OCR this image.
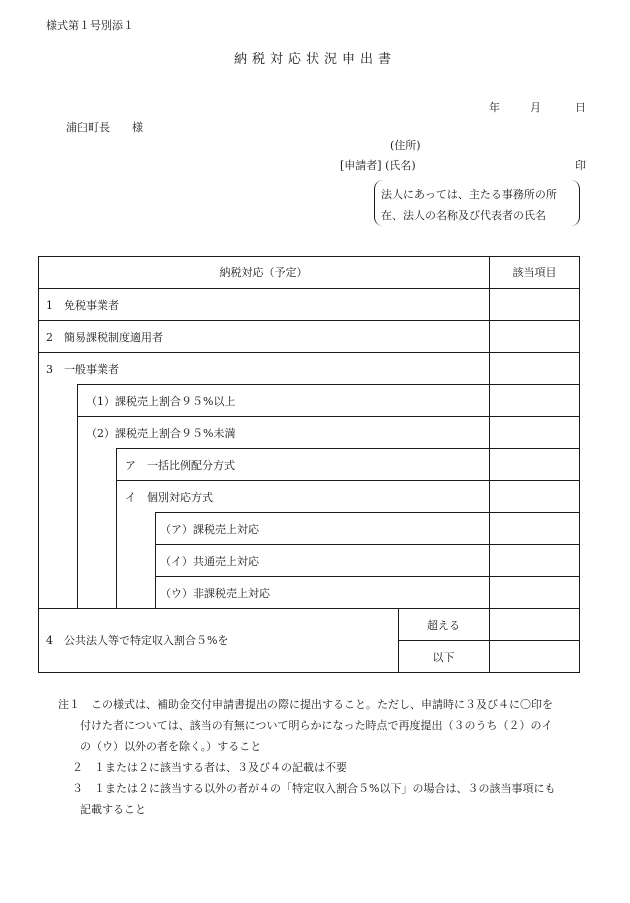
様式第１号別添１
納税対応状況申出書
年	月	日
浦臼町長　　様
(住所)
[申請者] (氏名)	印
法人にあっては、主たる事務所の所
在、法人の名称及び代表者の氏名
納税対応（予定）	該当項目
1　免税事業者
2　簡易課税制度適用者
3　一般事業者
（1）課税売上割合９５%以上
（2）課税売上割合９５%未満
ア　一括比例配分方式
イ　個別対応方式
（ア）課税売上対応
（イ）共通売上対応
（ウ）非課税売上対応
4　公共法人等で特定収入割合５%を
超える
以下
注１　この様式は、補助金交付申請書提出の際に提出すること。ただし、申請時に３及び４に〇印を
付けた者については、該当の有無について明らかになった時点で再度提出（３のうち（２）のイ
の（ウ）以外の者を除く。）すること
２　１または２に該当する者は、３及び４の記載は不要
３　１または２に該当する以外の者が４の「特定収入割合５%以下」の場合は、３の該当事項にも
記載すること
